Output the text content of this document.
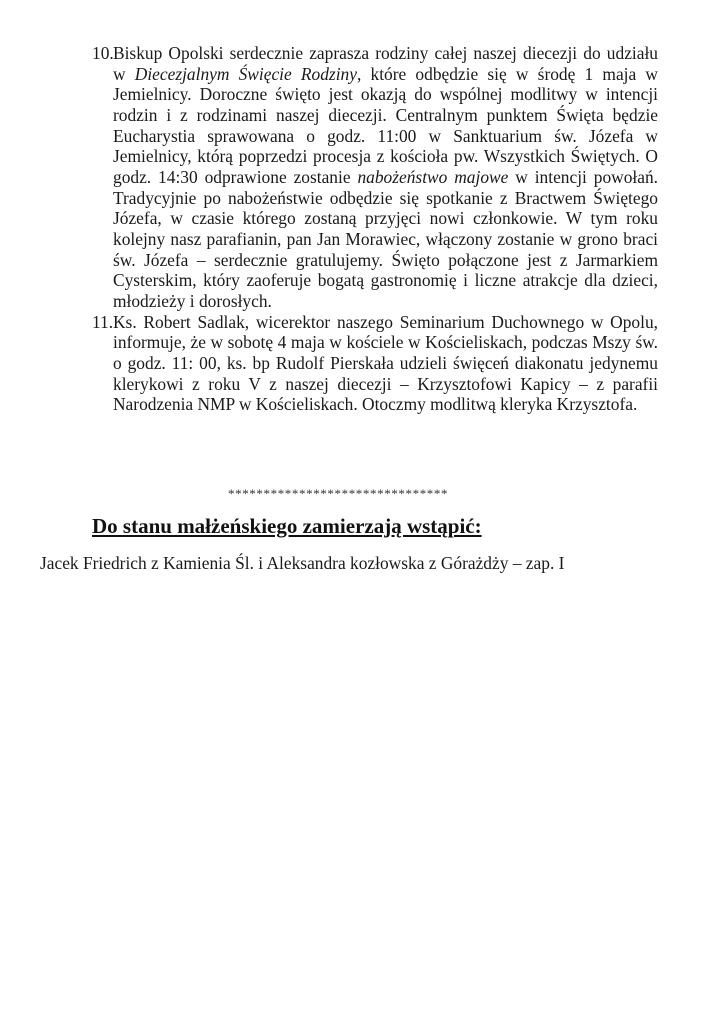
10. Biskup Opolski serdecznie zaprasza rodziny całej naszej diecezji do udziału w Diecezjalnym Święcie Rodziny, które odbędzie się w środę 1 maja w Jemielnicy. Doroczne święto jest okazją do wspólnej modlitwy w intencji rodzin i z rodzinami naszej diecezji. Centralnym punktem Święta będzie Eucharystia sprawowana o godz. 11:00 w Sanktuarium św. Józefa w Jemielnicy, którą poprzedzi procesja z kościoła pw. Wszystkich Świętych. O godz. 14:30 odprawione zostanie nabożeństwo majowe w intencji powołań. Tradycyjnie po nabożeństwie odbędzie się spotkanie z Bractwem Świętego Józefa, w czasie którego zostaną przyjęci nowi członkowie. W tym roku kolejny nasz parafianin, pan Jan Morawiec, włączony zostanie w grono braci św. Józefa – serdecznie gratulujemy. Święto połączone jest z Jarmarkiem Cysterskim, który zaoferuje bogatą gastronomię i liczne atrakcje dla dzieci, młodzieży i dorosłych.
11. Ks. Robert Sadlak, wicerektor naszego Seminarium Duchownego w Opolu, informuje, że w sobotę 4 maja w kościele w Kościeliskach, podczas Mszy św. o godz. 11: 00, ks. bp Rudolf Pierskała udzieli święceń diakonatu jedynemu klerykowi z roku V z naszej diecezji – Krzysztofowi Kapicy – z parafii Narodzenia NMP w Kościeliskach. Otoczmy modlitwą kleryka Krzysztofa.
*******************************
Do stanu małżeńskiego zamierzają wstąpić:
Jacek Friedrich z Kamienia Śl. i Aleksandra kozłowska z Górażdży – zap. I
